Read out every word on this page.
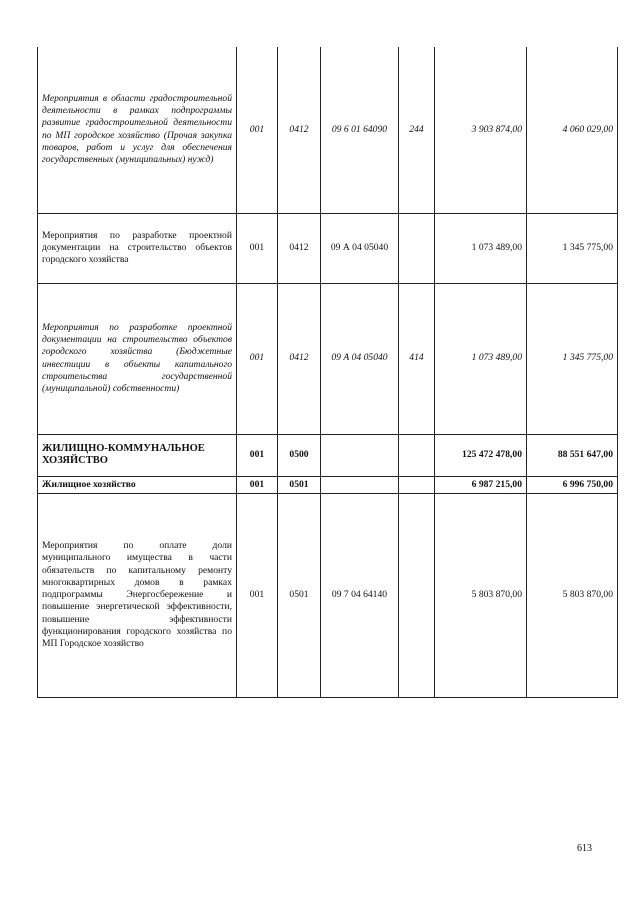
Мероприятия в области градостроительной деятельности в рамках подпрограммы развитие градостроительной деятельности по МП городское хозяйство (Прочая закупка товаров, работ и услуг для обеспечения государственных (муниципальных) нужд)	001	0412	09 6 01 64090	244	3 903 874,00	4 060 029,00
Мероприятия по разработке проектной документации на строительство объектов городского хозяйства	001	0412	09 А 04 05040		1 073 489,00	1 345 775,00
Мероприятия по разработке проектной документации на строительство объектов городского хозяйства (Бюджетные инвестиции в объекты капитального строительства государственной (муниципальной) собственности)	001	0412	09 А 04 05040	414	1 073 489,00	1 345 775,00
ЖИЛИЩНО-КОММУНАЛЬНОЕ ХОЗЯЙСТВО	001	0500			125 472 478,00	88 551 647,00
Жилищное хозяйство	001	0501			6 987 215,00	6 996 750,00
Мероприятия по оплате доли муниципального имущества в части обязательств по капитальному ремонту многоквартирных домов в рамках подпрограммы Энергосбережение и повышение энергетической эффективности, повышение эффективности функционирования городского хозяйства по МП Городское хозяйство	001	0501	09 7 04 64140		5 803 870,00	5 803 870,00
613
